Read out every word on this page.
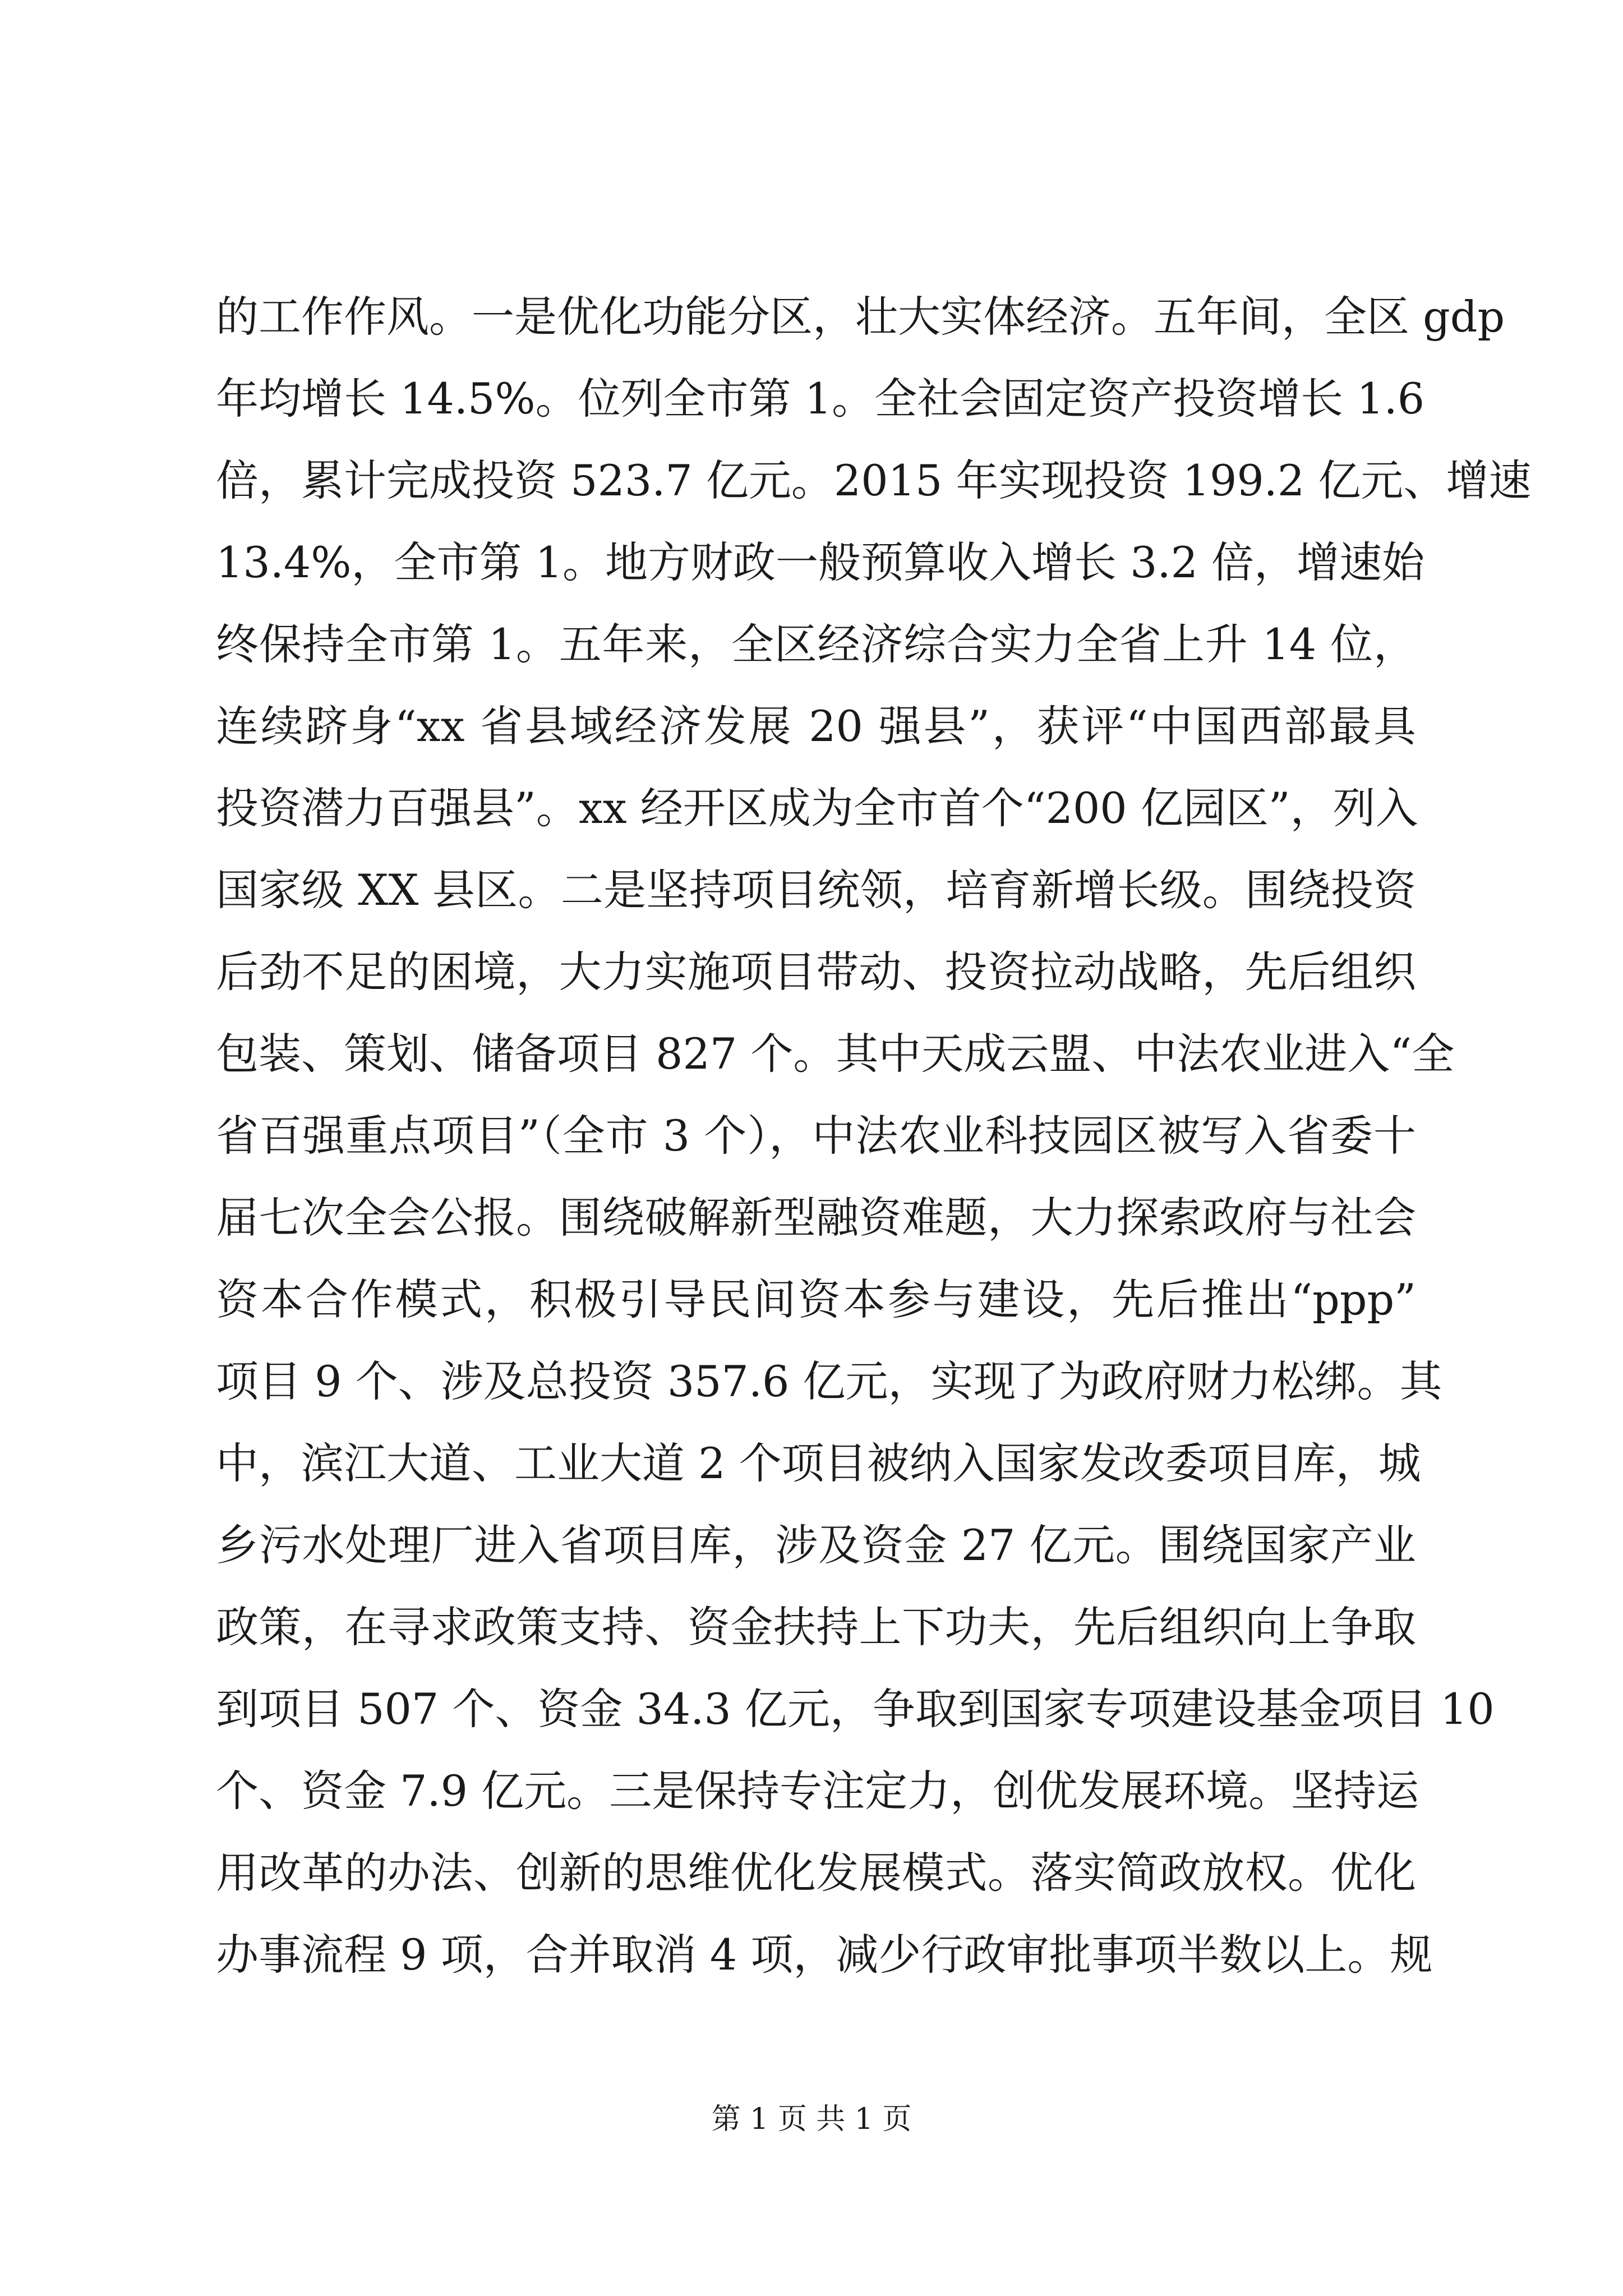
的工作作风。一是优化功能分区，壮大实体经济。五年间，全区 gdp
年均增长 14.5%。位列全市第 1。全社会固定资产投资增长 1.6
倍，累计完成投资 523.7 亿元。2015 年实现投资 199.2 亿元、增速
13.4%，全市第 1。地方财政一般预算收入增长 3.2 倍，增速始
终保持全市第 1。五年来，全区经济综合实力全省上升 14 位，
连续跻身“xx 省县域经济发展 20 强县”，获评“中国西部最具
投资潜力百强县”。xx 经开区成为全市首个“200 亿园区”，列入
国家级 XX 县区。二是坚持项目统领，培育新增长级。围绕投资
后劲不足的困境，大力实施项目带动、投资拉动战略，先后组织
包装、策划、储备项目 827 个。其中天成云盟、中法农业进入“全
省百强重点项目”（全市 3 个），中法农业科技园区被写入省委十
届七次全会公报。围绕破解新型融资难题，大力探索政府与社会
资本合作模式，积极引导民间资本参与建设，先后推出“ppp”
项目 9 个、涉及总投资 357.6 亿元，实现了为政府财力松绑。其
中，滨江大道、工业大道 2 个项目被纳入国家发改委项目库，城
乡污水处理厂进入省项目库，涉及资金 27 亿元。围绕国家产业
政策，在寻求政策支持、资金扶持上下功夫，先后组织向上争取
到项目 507 个、资金 34.3 亿元，争取到国家专项建设基金项目 10
个、资金 7.9 亿元。三是保持专注定力，创优发展环境。坚持运
用改革的办法、创新的思维优化发展模式。落实简政放权。优化
办事流程 9 项，合并取消 4 项，减少行政审批事项半数以上。规
第 1 页 共 1 页
